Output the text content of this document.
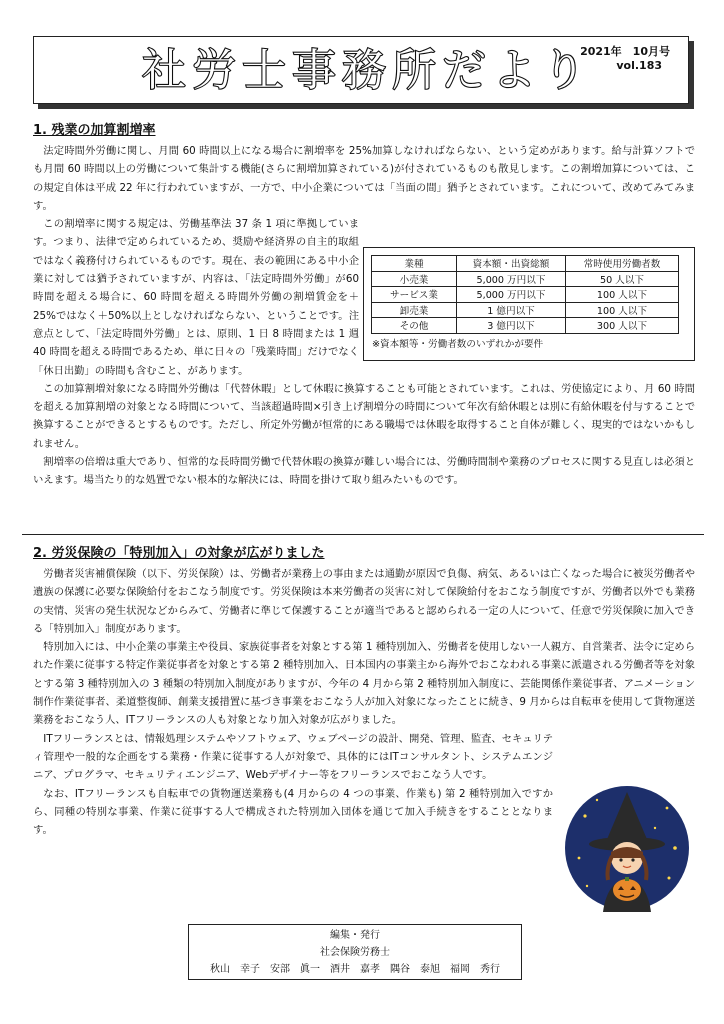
社労士事務所だより
2021年　10月号
vol.183
1. 残業の加算割増率

法定時間外労働に関し、月間 60 時間以上になる場合に割増率を 25%加算しなければならない、という定めがあります。給与計算ソフトでも月間 60 時間以上の労働について集計する機能(さらに割増加算されている)が付されているものも散見します。この割増加算については、この規定自体は平成 22 年に行われていますが、一方で、中小企業については「当面の間」猶予とされています。これについて、改めてみてみます。

この割増率に関する規定は、労働基準法 37 条 1 項に準拠しています。つまり、法律で定められているため、奨励や経済界の自主的取組ではなく義務付けられているものです。現在、表の範囲にある中小企業に対しては猶予されていますが、内容は、「法定時間外労働」が60時間を超える場合に、60 時間を超える時間外労働の割増賃金を＋25%ではなく＋50%以上としなければならない、ということです。注意点として、「法定時間外労働」とは、原則、1 日 8 時間または 1 週 40 時間を超える時間であるため、単に日々の「残業時間」だけでなく「休日出勤」の時間も含むこと、があります。

この加算割増対象になる時間外労働は「代替休暇」として休暇に換算することも可能とされています。これは、労使協定により、月 60 時間を超える加算割増の対象となる時間について、当該超過時間×引き上げ割増分の時間について年次有給休暇とは別に有給休暇を付与することで換算することができるとするものです。ただし、所定外労働が恒常的にある職場では休暇を取得すること自体が難しく、現実的ではないかもしれません。

割増率の倍増は重大であり、恒常的な長時間労働で代替休暇の換算が難しい場合には、労働時間制や業務のプロセスに関する見直しは必須といえます。場当たり的な処置でない根本的な解決には、時間を掛けて取り組みたいものです。

業種	資本額・出資総額	常時使用労働者数
小売業	5,000 万円以下	50 人以下
サービス業	5,000 万円以下	100 人以下
卸売業	1 億円以下	100 人以下
その他	3 億円以下	300 人以下
※資本額等・労働者数のいずれかが要件
2. 労災保険の「特別加入」の対象が広がりました

労働者災害補償保険（以下、労災保険）は、労働者が業務上の事由または通勤が原因で負傷、病気、あるいは亡くなった場合に被災労働者や遺族の保護に必要な保険給付をおこなう制度です。労災保険は本来労働者の災害に対して保険給付をおこなう制度ですが、労働者以外でも業務の実情、災害の発生状況などからみて、労働者に準じて保護することが適当であると認められる一定の人について、任意で労災保険に加入できる「特別加入」制度があります。

特別加入には、中小企業の事業主や役員、家族従事者を対象とする第 1 種特別加入、労働者を使用しない一人親方、自営業者、法令に定められた作業に従事する特定作業従事者を対象とする第 2 種特別加入、日本国内の事業主から海外でおこなわれる事業に派遣される労働者等を対象とする第 3 種特別加入の 3 種類の特別加入制度がありますが、今年の 4 月から第 2 種特別加入制度に、芸能関係作業従事者、アニメーション制作作業従事者、柔道整復師、創業支援措置に基づき事業をおこなう人が加入対象になったことに続き、9 月からは自転車を使用して貨物運送業務をおこなう人、ITフリーランスの人も対象となり加入対象が広がりました。

ITフリーランスとは、情報処理システムやソフトウェア、ウェブページの設計、開発、管理、監査、セキュリティ管理や一般的な企画をする業務・作業に従事する人が対象で、具体的にはITコンサルタント、システムエンジニア、プログラマ、セキュリティエンジニア、Webデザイナー等をフリーランスでおこなう人です。

なお、ITフリーランスも自転車での貨物運送業務も(4 月からの 4 つの事業、作業も) 第 2 種特別加入ですから、同種の特別な事業、作業に従事する人で構成された特別加入団体を通じて加入手続きをすることとなります。

編集・発行
社会保険労務士
秋山　幸子　安部　眞一　酒井　嘉孝　隅谷　泰旭　福岡　秀行
